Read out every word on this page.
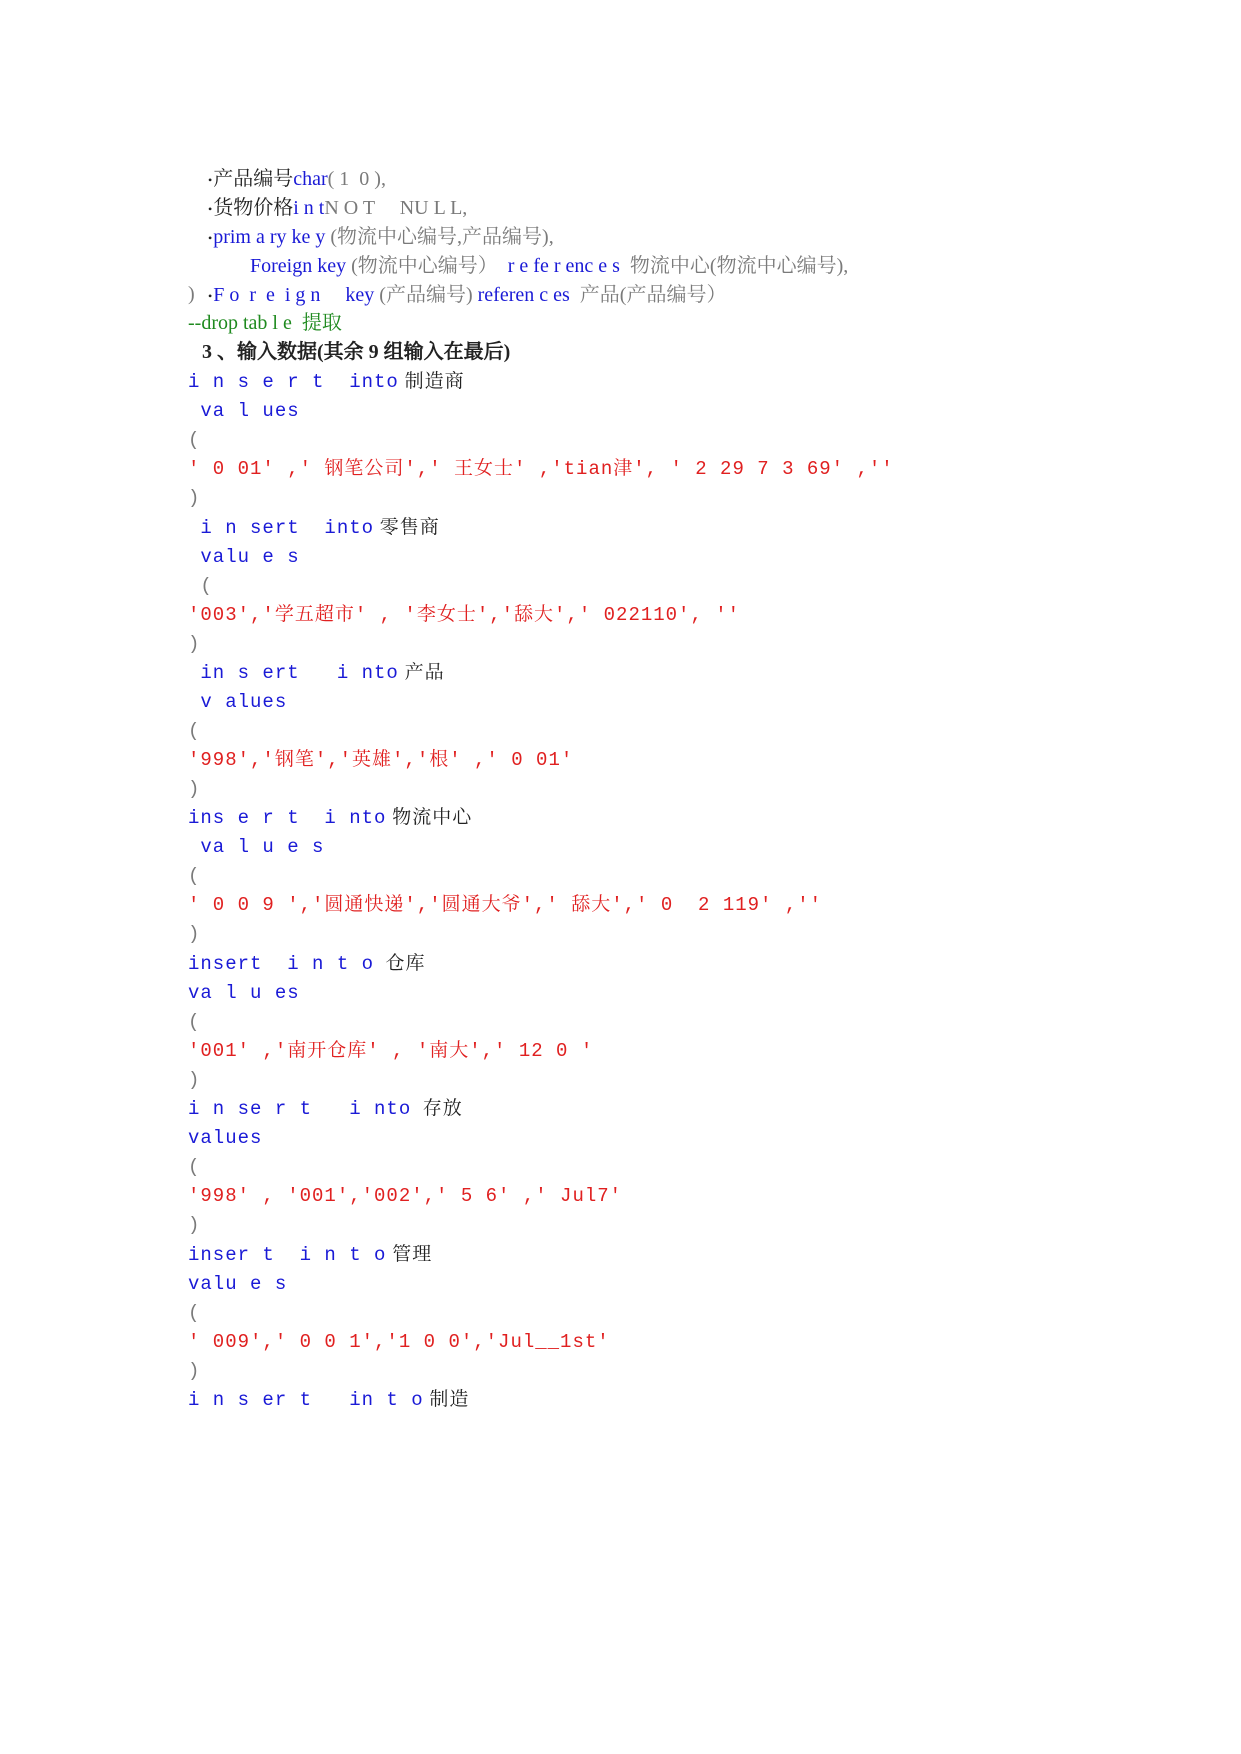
•产品编号char( 1  0 ),

•货物价格i n tN O T     NU L L,

•prim a ry ke y (物流中心编号,产品编号),

Foreign key (物流中心编号）  r e fe r enc e s  物流中心(物流中心编号),

•F o  r  e  i g n     key (产品编号) referen c es  产品(产品编号）

)
--drop tab l e  提取
3 、输入数据(其余 9 组输入在最后)
i n s e r t  into 制造商
va l ues
(
' 0 01′ ,′ 钢笔公司',' 王女士′ ,'tian津', ' 2 29 7 3 69′ ,''
)
i n sert  into 零售商
valu e s
(
'003','学五超市′ , '李女士','舔大',′ 022110', ''
)
in s ert   i nto 产品
v alues
(
'998','钢笔','英雄','根′ ,' 0 01′
)
ins e r t  i nto 物流中心
va l u e s
(
' 0 0 9 ','圆通快递','圆通大爷',′ 舔大',' 0  2 119′ ,''
)
insert  i n t o  仓库
va l u es
(
'001′ ,'南开仓库′ , '南大',′ 12 0 '
)
i n se r t   i nto  存放
values
(
'998′ , '001','002',' 5 6′ ,′ Jul7′
)
inser t  i n t o 管理
valu e s
(
′ 009',′ 0 0 1','1 0 0','Jul__1st'
)
i n s er t   in t o 制造
